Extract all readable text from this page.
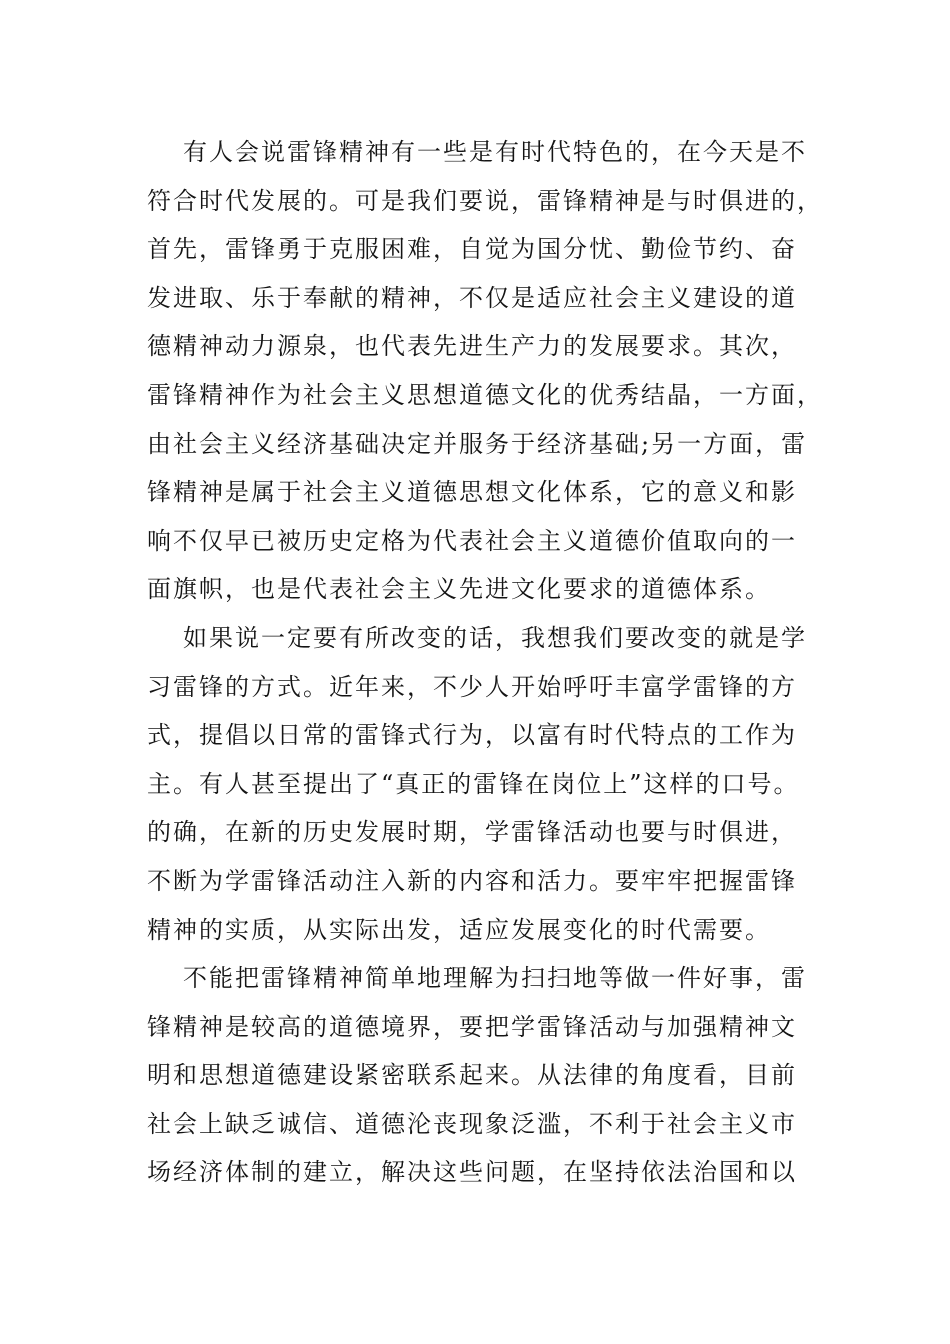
有人会说雷锋精神有一些是有时代特色的，在今天是不
符合时代发展的。可是我们要说，雷锋精神是与时俱进的，
首先，雷锋勇于克服困难，自觉为国分忧、勤俭节约、奋
发进取、乐于奉献的精神，不仅是适应社会主义建设的道
德精神动力源泉，也代表先进生产力的发展要求。其次，
雷锋精神作为社会主义思想道德文化的优秀结晶，一方面，
由社会主义经济基础决定并服务于经济基础;另一方面，雷
锋精神是属于社会主义道德思想文化体系，它的意义和影
响不仅早已被历史定格为代表社会主义道德价值取向的一
面旗帜，也是代表社会主义先进文化要求的道德体系。
如果说一定要有所改变的话，我想我们要改变的就是学
习雷锋的方式。近年来，不少人开始呼吁丰富学雷锋的方
式，提倡以日常的雷锋式行为，以富有时代特点的工作为
主。有人甚至提出了“真正的雷锋在岗位上”这样的口号。
的确，在新的历史发展时期，学雷锋活动也要与时俱进，
不断为学雷锋活动注入新的内容和活力。要牢牢把握雷锋
精神的实质，从实际出发，适应发展变化的时代需要。
不能把雷锋精神简单地理解为扫扫地等做一件好事，雷
锋精神是较高的道德境界，要把学雷锋活动与加强精神文
明和思想道德建设紧密联系起来。从法律的角度看，目前
社会上缺乏诚信、道德沦丧现象泛滥，不利于社会主义市
场经济体制的建立，解决这些问题，在坚持依法治国和以
